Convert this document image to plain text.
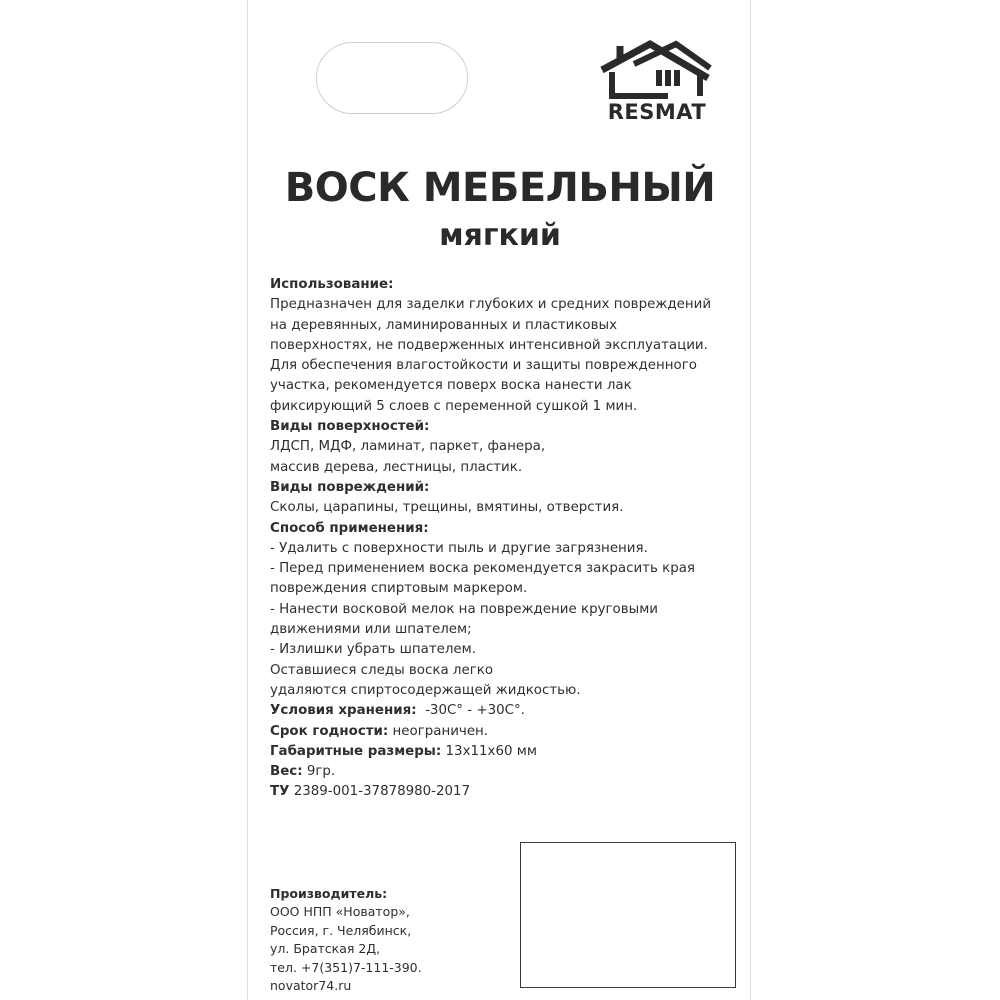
RESMAT
ВОСК МЕБЕЛЬНЫЙ
мягкий
Использование:
Предназначен для заделки глубоких и средних повреждений
на деревянных, ламинированных и пластиковых
поверхностях, не подверженных интенсивной эксплуатации.
Для обеспечения влагостойкости и защиты поврежденного
участка, рекомендуется поверх воска нанести лак
фиксирующий 5 слоев с переменной сушкой 1 мин.
Виды поверхностей:
ЛДСП, МДФ, ламинат, паркет, фанера,
массив дерева, лестницы, пластик.
Виды повреждений:
Сколы, царапины, трещины, вмятины, отверстия.
Способ применения:
- Удалить с поверхности пыль и другие загрязнения.
- Перед применением воска рекомендуется закрасить края
повреждения спиртовым маркером.
- Нанести восковой мелок на повреждение круговыми
движениями или шпателем;
- Излишки убрать шпателем.
Оставшиеся следы воска легко
удаляются спиртосодержащей жидкостью.
Условия хранения:  -30С° - +30С°.
Срок годности: неограничен.
Габаритные размеры: 13х11х60 мм
Вес: 9гр.
ТУ 2389-001-37878980-2017
Производитель:
ООО НПП «Новатор»,
Россия, г. Челябинск,
ул. Братская 2Д,
тел. +7(351)7-111-390.
novator74.ru
